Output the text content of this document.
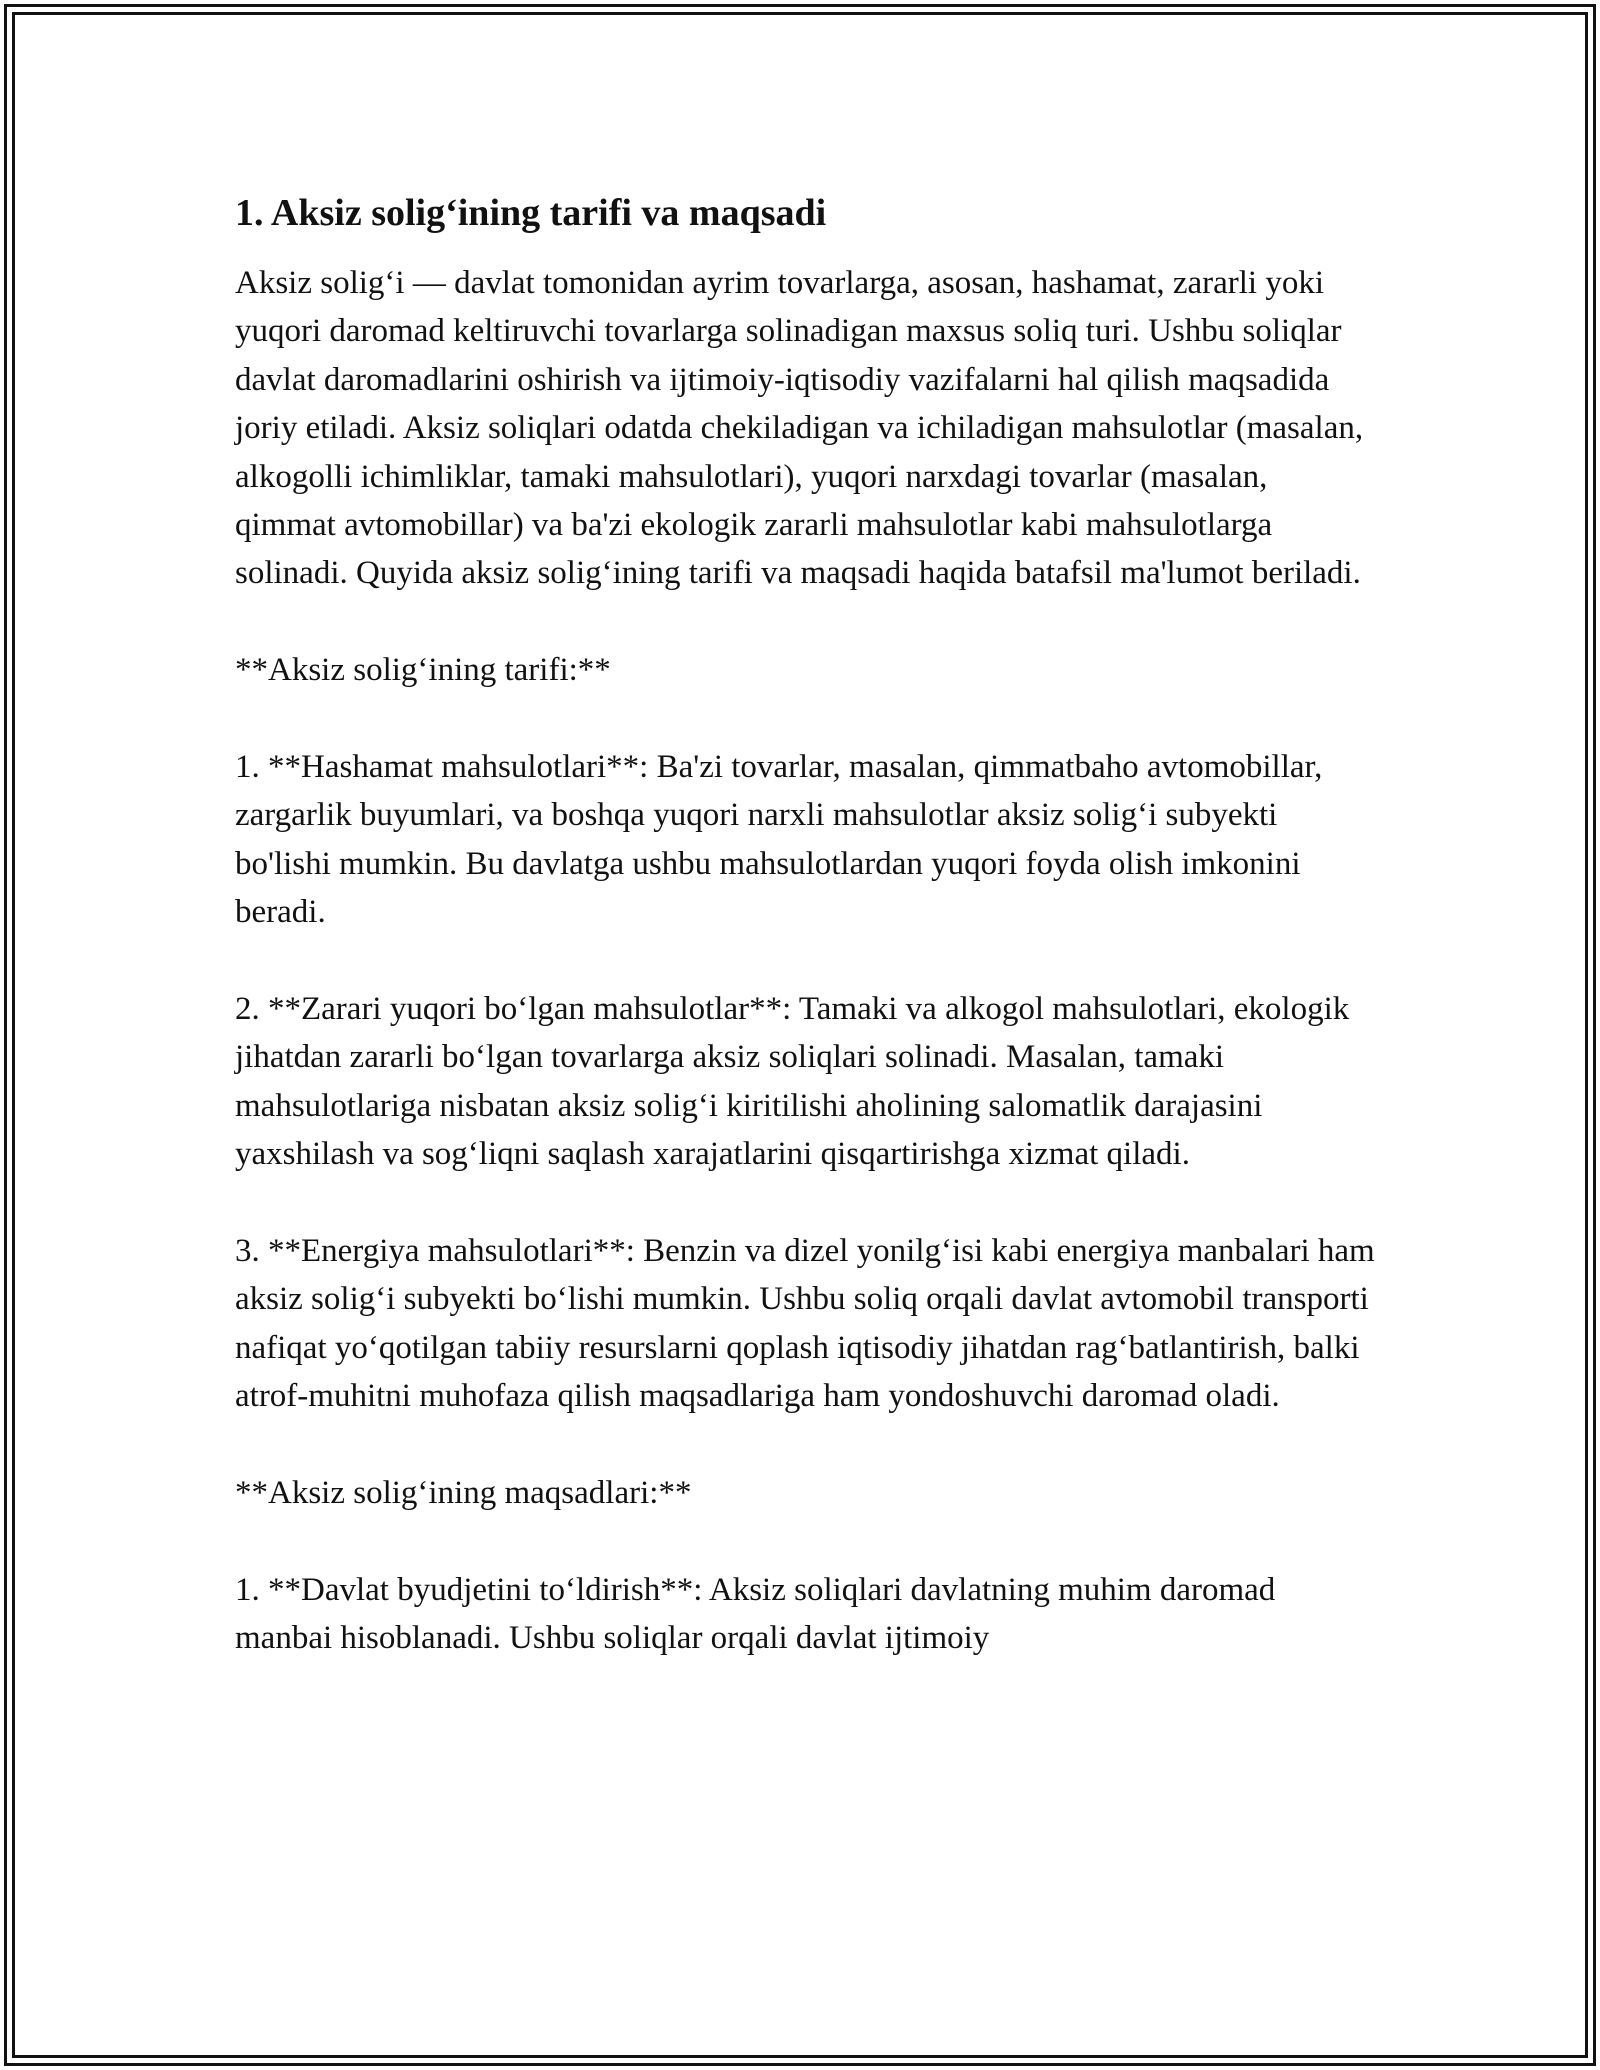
1. Aksiz solig‘ining tarifi va maqsadi

Aksiz solig‘i — davlat tomonidan ayrim tovarlarga, asosan, hashamat, zararli yoki yuqori daromad keltiruvchi tovarlarga solinadigan maxsus soliq turi. Ushbu soliqlar davlat daromadlarini oshirish va ijtimoiy-iqtisodiy vazifalarni hal qilish maqsadida joriy etiladi. Aksiz soliqlari odatda chekiladigan va ichiladigan mahsulotlar (masalan, alkogolli ichimliklar, tamaki mahsulotlari), yuqori narxdagi tovarlar (masalan, qimmat avtomobillar) va ba'zi ekologik zararli mahsulotlar kabi mahsulotlarga solinadi. Quyida aksiz solig‘ining tarifi va maqsadi haqida batafsil ma'lumot beriladi.

**Aksiz solig‘ining tarifi:**

1. **Hashamat mahsulotlari**: Ba'zi tovarlar, masalan, qimmatbaho avtomobillar, zargarlik buyumlari, va boshqa yuqori narxli mahsulotlar aksiz solig‘i subyekti bo'lishi mumkin. Bu davlatga ushbu mahsulotlardan yuqori foyda olish imkonini beradi.

2. **Zarari yuqori bo‘lgan mahsulotlar**: Tamaki va alkogol mahsulotlari, ekologik jihatdan zararli bo‘lgan tovarlarga aksiz soliqlari solinadi. Masalan, tamaki mahsulotlariga nisbatan aksiz solig‘i kiritilishi aholining salomatlik darajasini yaxshilash va sog‘liqni saqlash xarajatlarini qisqartirishga xizmat qiladi.

3. **Energiya mahsulotlari**: Benzin va dizel yonilg‘isi kabi energiya manbalari ham aksiz solig‘i subyekti bo‘lishi mumkin. Ushbu soliq orqali davlat avtomobil transporti nafiqat yo‘qotilgan tabiiy resurslarni qoplash iqtisodiy jihatdan rag‘batlantirish, balki atrof-muhitni muhofaza qilish maqsadlariga ham yondoshuvchi daromad oladi.

**Aksiz solig‘ining maqsadlari:**

1. **Davlat byudjetini to‘ldirish**: Aksiz soliqlari davlatning muhim daromad manbai hisoblanadi. Ushbu soliqlar orqali davlat ijtimoiy
